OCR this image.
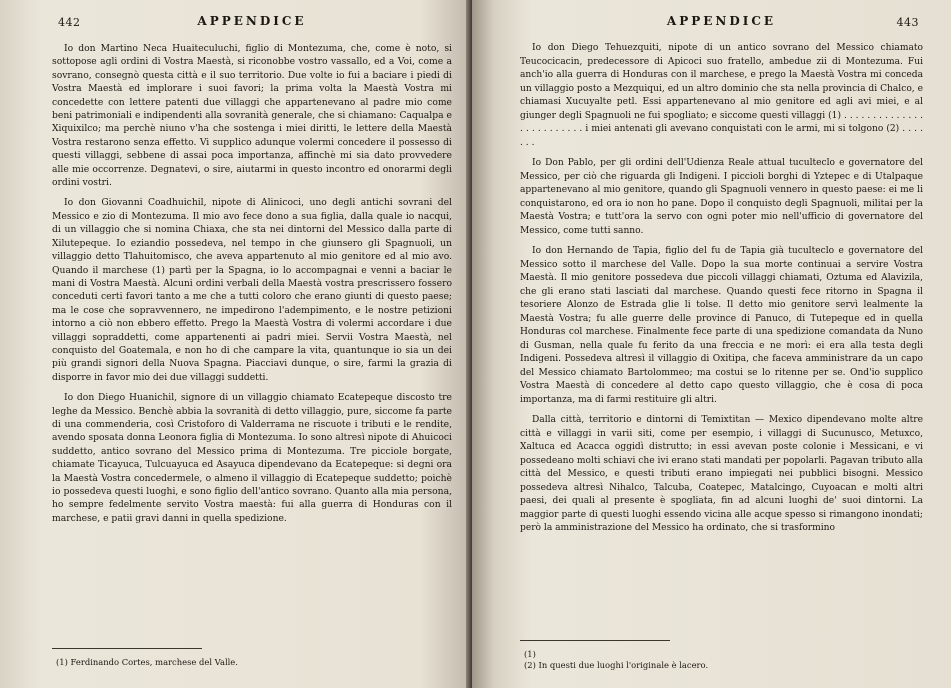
442	APPENDICE

Io don Martino Neca Huaiteculuchi, figlio di Montezuma, che, come è noto, si sottopose agli ordini di Vostra Maestà, si riconobbe vostro vassallo, ed a Voi, come a sovrano, consegnò questa città e il suo territorio. Due volte io fui a baciare i piedi di Vostra Maestà ed implorare i suoi favori; la prima volta la Maestà Vostra mi concedette con lettere patenti due villaggi che appartenevano al padre mio come beni patrimoniali e indipendenti alla sovranità generale, che si chiamano: Caqualpa e Xiquixilco; ma perchè niuno v'ha che sostenga i miei diritti, le lettere della Maestà Vostra restarono senza effetto. Vi supplico adunque volermi concedere il possesso di questi villaggi, sebbene di assai poca importanza, affinchè mi sia dato provvedere alle mie occorrenze. Degnatevi, o sire, aiutarmi in questo incontro ed onorarmi degli ordini vostri.

Io don Giovanni Coadhuichil, nipote di Alinicoci, uno degli antichi sovrani del Messico e zio di Montezuma. Il mio avo fece dono a sua figlia, dalla quale io nacqui, di un villaggio che si nomina Chiaxa, che sta nei dintorni del Messico dalla parte di Xilutepeque. Io eziandio possedeva, nel tempo in che giunsero gli Spagnuoli, un villaggio detto Tlahuitomisco, che aveva appartenuto al mio genitore ed al mio avo. Quando il marchese (1) partì per la Spagna, io lo accompagnai e venni a baciar le mani di Vostra Maestà. Alcuni ordini verbali della Maestà vostra prescrissero fossero conceduti certi favori tanto a me che a tutti coloro che erano giunti di questo paese; ma le cose che sopravvennero, ne impedirono l'adempimento, e le nostre petizioni intorno a ciò non ebbero effetto. Prego la Maestà Vostra di volermi accordare i due villaggi sopraddetti, come appartenenti ai padri miei. Servii Vostra Maestà, nel conquisto del Goatemala, e non ho di che campare la vita, quantunque io sia un dei più grandi signori della Nuova Spagna. Piacciavi dunque, o sire, farmi la grazia di disporre in favor mio dei due villaggi suddetti.

Io don Diego Huanichil, signore di un villaggio chiamato Ecatepeque discosto tre leghe da Messico. Benchè abbia la sovranità di detto villaggio, pure, siccome fa parte di una commenderia, così Cristoforo di Valderrama ne riscuote i tributi e le rendite, avendo sposata donna Leonora figlia di Montezuma. Io sono altresì nipote di Ahuicoci suddetto, antico sovrano del Messico prima di Montezuma. Tre picciole borgate, chiamate Ticayuca, Tulcuayuca ed Asayuca dipendevano da Ecatepeque: si degni ora la Maestà Vostra concedermele, o almeno il villaggio di Ecatepeque suddetto; poichè io possedeva questi luoghi, e sono figlio dell'antico sovrano. Quanto alla mia persona, ho sempre fedelmente servito Vostra maestà: fui alla guerra di Honduras con il marchese, e patii gravi danni in quella spedizione.

(1) Ferdinando Cortes, marchese del Valle.
APPENDICE	443

Io don Diego Tehuezquiti, nipote di un antico sovrano del Messico chiamato Teucocicacin, predecessore di Apicoci suo fratello, ambedue zii di Montezuma. Fui anch'io alla guerra di Honduras con il marchese, e prego la Maestà Vostra mi conceda un villaggio posto a Mezquiqui, ed un altro dominio che sta nella provincia di Chalco, e chiamasi Xucuyalte petl. Essi appartenevano al mio genitore ed agli avi miei, e al giunger degli Spagnuoli ne fui spogliato; e siccome questi villaggi (1) . . . . . . . . . . . . . . . . . . . . . . . . . i miei antenati gli avevano conquistati con le armi, mi si tolgono (2) . . . . . . .

Io Don Pablo, per gli ordini dell'Udienza Reale attual tuculteclo e governatore del Messico, per ciò che riguarda gli Indigeni. I piccioli borghi di Yztepec e di Utalpaque appartenevano al mio genitore, quando gli Spagnuoli vennero in questo paese: ei me li conquistarono, ed ora io non ho pane. Dopo il conquisto degli Spagnuoli, militai per la Maestà Vostra; e tutt'ora la servo con ogni poter mio nell'ufficio di governatore del Messico, come tutti sanno.

Io don Hernando de Tapia, figlio del fu de Tapia già tuculteclo e governatore del Messico sotto il marchese del Valle. Dopo la sua morte continuai a servire Vostra Maestà. Il mio genitore possedeva due piccoli villaggi chiamati, Oztuma ed Alavizila, che gli erano stati lasciati dal marchese. Quando questi fece ritorno in Spagna il tesoriere Alonzo de Estrada glie li tolse. Il detto mio genitore servì lealmente la Maestà Vostra; fu alle guerre delle province di Panuco, di Tutepeque ed in quella Honduras col marchese. Finalmente fece parte di una spedizione comandata da Nuno di Gusman, nella quale fu ferito da una freccia e ne morì: ei era alla testa degli Indigeni. Possedeva altresì il villaggio di Oxitipa, che faceva amministrare da un capo del Messico chiamato Bartolommeo; ma costui se lo ritenne per se. Ond'io supplico Vostra Maestà di concedere al detto capo questo villaggio, che è cosa di poca importanza, ma di farmi restituire gli altri.

Dalla città, territorio e dintorni di Temixtitan — Mexico dipendevano molte altre città e villaggi in varii siti, come per esempio, i villaggi di Sucunusco, Metuxco, Xaltuca ed Acacca oggidì distrutto; in essi avevan poste colonie i Messicani, e vi possedeano molti schiavi che ivi erano stati mandati per popolarli. Pagavan tributo alla città del Messico, e questi tributi erano impiegati nei pubblici bisogni. Messico possedeva altresì Nihalco, Talcuba, Coatepec, Matalcingo, Cuyoacan e molti altri paesi, dei quali al presente è spogliata, fin ad alcuni luoghi de' suoi dintorni. La maggior parte di questi luoghi essendo vicina alle acque spesso si rimangono inondati; però la amministrazione del Messico ha ordinato, che si trasformino

(1)
(2) In questi due luoghi l'originale è lacero.
